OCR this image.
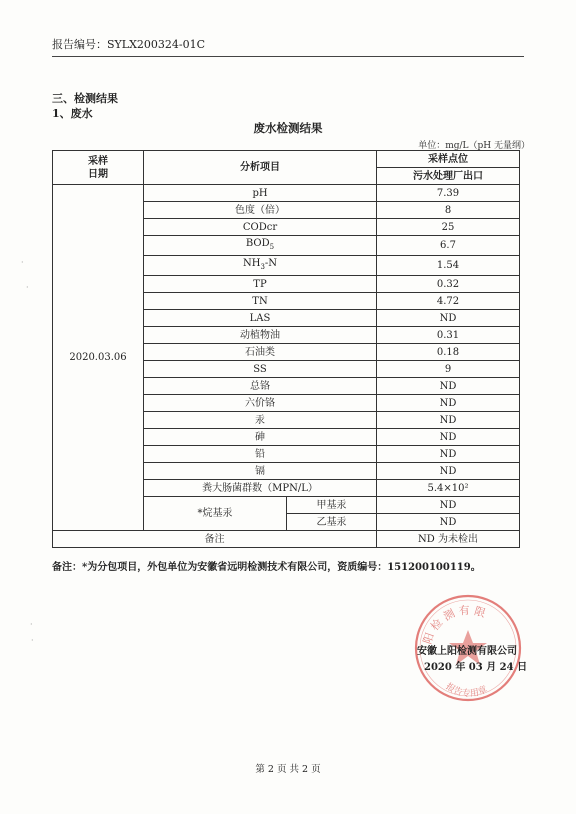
报告编号：SYLX200324-01C
三、检测结果
1、废水
废水检测结果
单位：mg/L（pH 无量纲）
采样
日期	分析项目		采样点位
			污水处理厂出口
2020.03.06	pH		7.39
	色度（倍）		8
	CODcr		25
	$BOD_5$		6.7
	$NH_3-N$		1.54
	TP		0.32
	TN		4.72
	LAS		ND
	动植物油		0.31
	石油类		0.18
	SS		9
	总铬		ND
	六价铬		ND
	汞		ND
	砷		ND
	铅		ND
	镉		ND
	粪大肠菌群数（MPN/L）		5.4×10²
	*烷基汞	甲基汞	ND
		乙基汞	ND
备注			ND 为未检出
备注：*为分包项目，外包单位为安徽省远明检测技术有限公司，资质编号：151200100119。
阳 检 测 有 限
报告专用章
安徽上阳检测有限公司
2020 年 03 月 24 日
·
·
·
·
第 2 页 共 2 页
